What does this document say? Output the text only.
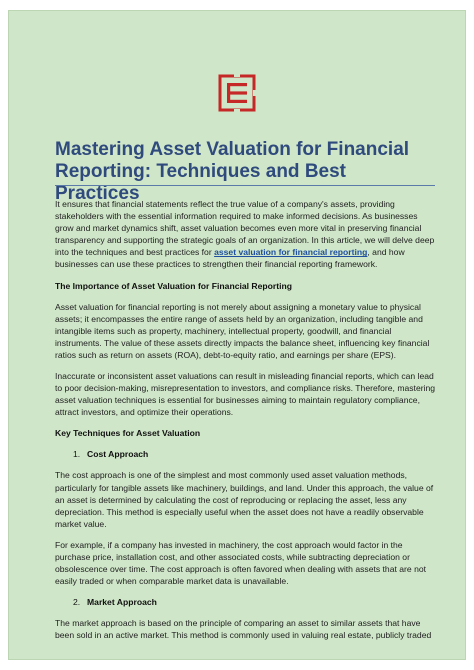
Mastering Asset Valuation for Financial Reporting: Techniques and Best Practices

It ensures that financial statements reflect the true value of a company's assets, providing stakeholders with the essential information required to make informed decisions. As businesses grow and market dynamics shift, asset valuation becomes even more vital in preserving financial transparency and supporting the strategic goals of an organization. In this article, we will delve deep into the techniques and best practices for asset valuation for financial reporting, and how businesses can use these practices to strengthen their financial reporting framework.

The Importance of Asset Valuation for Financial Reporting

Asset valuation for financial reporting is not merely about assigning a monetary value to physical assets; it encompasses the entire range of assets held by an organization, including tangible and intangible items such as property, machinery, intellectual property, goodwill, and financial instruments. The value of these assets directly impacts the balance sheet, influencing key financial ratios such as return on assets (ROA), debt-to-equity ratio, and earnings per share (EPS).

Inaccurate or inconsistent asset valuations can result in misleading financial reports, which can lead to poor decision-making, misrepresentation to investors, and compliance risks. Therefore, mastering asset valuation techniques is essential for businesses aiming to maintain regulatory compliance, attract investors, and optimize their operations.

Key Techniques for Asset Valuation
1. Cost Approach

The cost approach is one of the simplest and most commonly used asset valuation methods, particularly for tangible assets like machinery, buildings, and land. Under this approach, the value of an asset is determined by calculating the cost of reproducing or replacing the asset, less any depreciation. This method is especially useful when the asset does not have a readily observable market value.

For example, if a company has invested in machinery, the cost approach would factor in the purchase price, installation cost, and other associated costs, while subtracting depreciation or obsolescence over time. The cost approach is often favored when dealing with assets that are not easily traded or when comparable market data is unavailable.

2. Market Approach

The market approach is based on the principle of comparing an asset to similar assets that have been sold in an active market. This method is commonly used in valuing real estate, publicly traded
